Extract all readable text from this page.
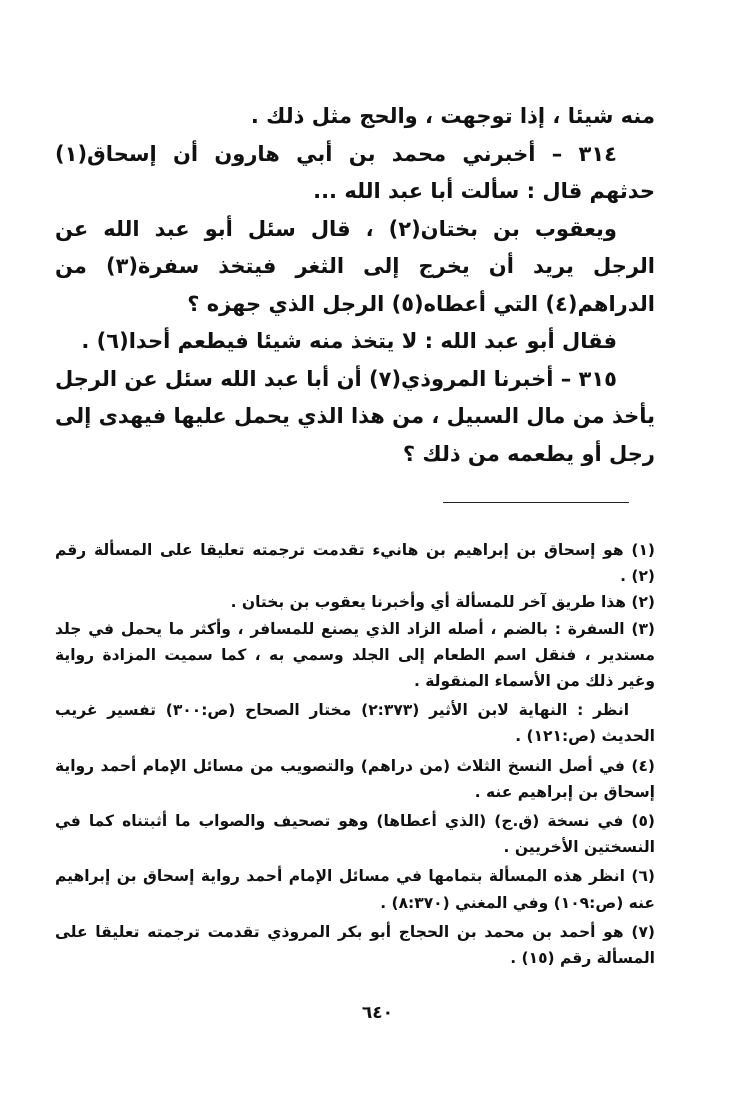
منه شيئا ، إذا توجهت ، والحج مثل ذلك .

٣١٤ – أخبرني محمد بن أبي هارون أن إسحاق(١) حدثهم قال : سألت أبا عبد الله ...

ويعقوب بن بختان(٢) ، قال سئل أبو عبد الله عن الرجل يريد أن يخرج إلى الثغر فيتخذ سفرة(٣) من الدراهم(٤) التي أعطاه(٥) الرجل الذي جهزه ؟

فقال أبو عبد الله : لا يتخذ منه شيئا فيطعم أحدا(٦) .

٣١٥ – أخبرنا المروذي(٧) أن أبا عبد الله سئل عن الرجل يأخذ من مال السبيل ، من هذا الذي يحمل عليها فيهدى إلى رجل أو يطعمه من ذلك ؟

(١) هو إسحاق بن إبراهيم بن هانيء تقدمت ترجمته تعليقا على المسألة رقم (٢) .

(٢) هذا طريق آخر للمسألة أي وأخبرنا يعقوب بن بختان .

(٣) السفرة : بالضم ، أصله الزاد الذي يصنع للمسافر ، وأكثر ما يحمل في جلد مستدير ، فنقل اسم الطعام إلى الجلد وسمي به ، كما سميت المزادة رواية وغير ذلك من الأسماء المنقولة .

انظر : النهاية لابن الأثير (٢:٣٧٣) مختار الصحاح (ص:٣٠٠) تفسير غريب الحديث (ص:١٢١) .

(٤) في أصل النسخ الثلاث (من دراهم) والتصويب من مسائل الإمام أحمد رواية إسحاق بن إبراهيم عنه .

(٥) في نسخة (ق.ج) (الذي أعطاها) وهو تصحيف والصواب ما أثبتناه كما في النسختين الأخريين .

(٦) انظر هذه المسألة بتمامها في مسائل الإمام أحمد رواية إسحاق بن إبراهيم عنه (ص:١٠٩) وفي المغني (٨:٣٧٠) .

(٧) هو أحمد بن محمد بن الحجاج أبو بكر المروذي تقدمت ترجمته تعليقا على المسألة رقم (١٥) .

٦٤٠
